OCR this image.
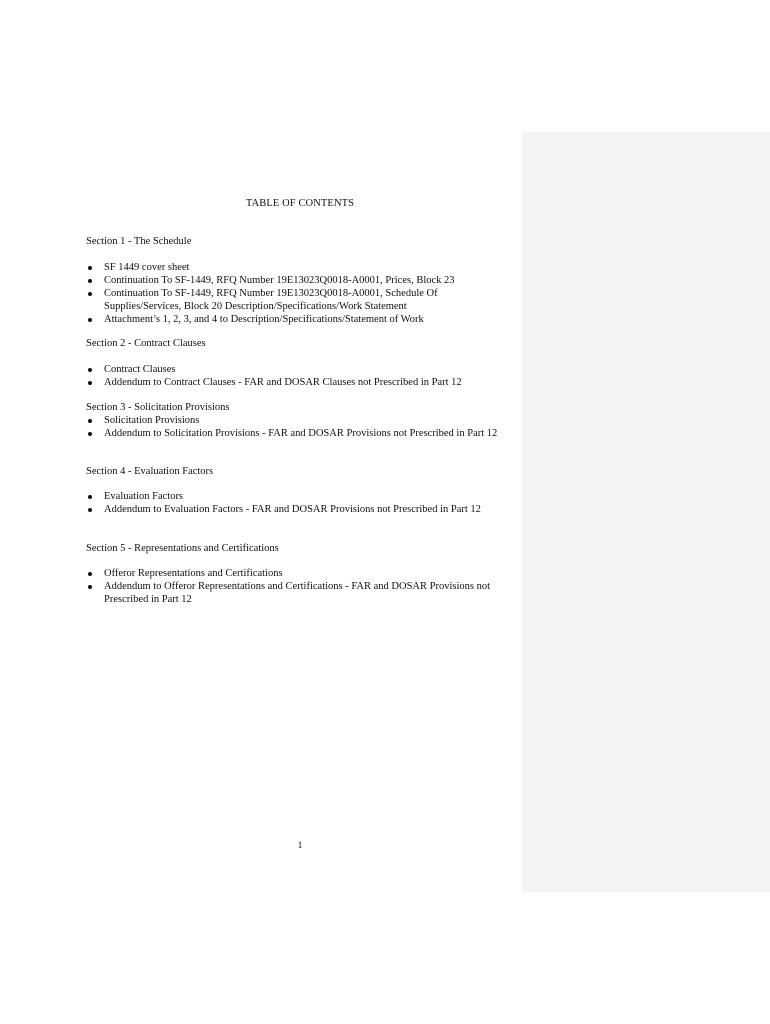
TABLE OF CONTENTS
Section 1 - The Schedule
SF 1449 cover sheet
Continuation To SF-1449, RFQ Number 19E13023Q0018-A0001, Prices, Block 23
Continuation To SF-1449, RFQ Number 19E13023Q0018-A0001, Schedule Of Supplies/Services, Block 20 Description/Specifications/Work Statement
Attachment’s 1, 2, 3, and 4 to Description/Specifications/Statement of Work
Section 2 - Contract Clauses
Contract Clauses
Addendum to Contract Clauses - FAR and DOSAR Clauses not Prescribed in Part 12
Section 3 - Solicitation Provisions
Solicitation Provisions
Addendum to Solicitation Provisions - FAR and DOSAR Provisions not Prescribed in Part 12
Section 4 - Evaluation Factors
Evaluation Factors
Addendum to Evaluation Factors - FAR and DOSAR Provisions not Prescribed in Part 12
Section 5 - Representations and Certifications
Offeror Representations and Certifications
Addendum to Offeror Representations and Certifications - FAR and DOSAR Provisions not Prescribed in Part 12
1
